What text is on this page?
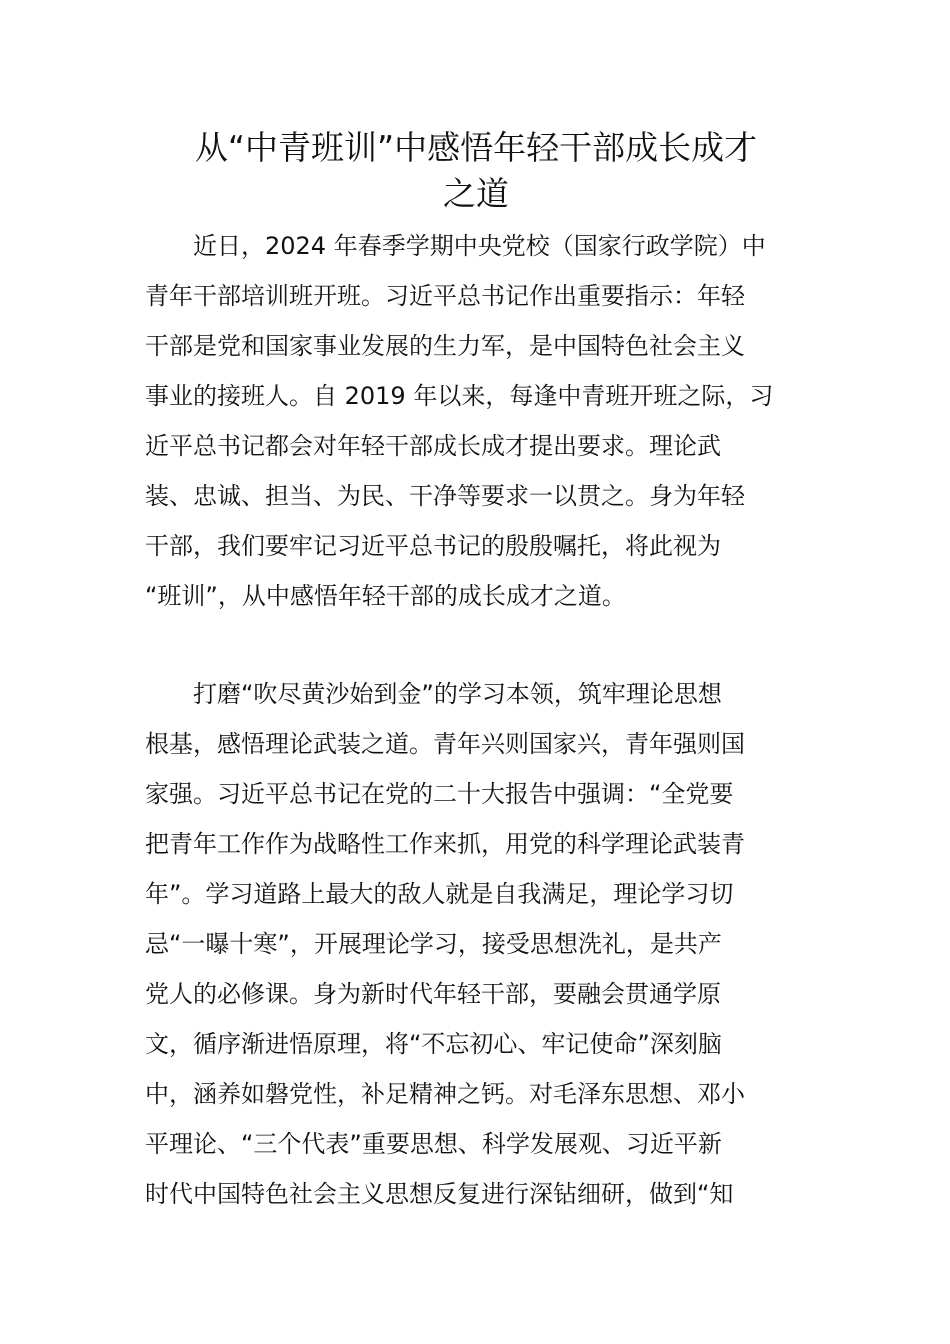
从“中青班训”中感悟年轻干部成长成才
之道

　　近日，2024 年春季学期中央党校（国家行政学院）中
青年干部培训班开班。习近平总书记作出重要指示：年轻
干部是党和国家事业发展的生力军，是中国特色社会主义
事业的接班人。自 2019 年以来，每逢中青班开班之际，习
近平总书记都会对年轻干部成长成才提出要求。理论武
装、忠诚、担当、为民、干净等要求一以贯之。身为年轻
干部，我们要牢记习近平总书记的殷殷嘱托，将此视为
“班训”，从中感悟年轻干部的成长成才之道。

　　打磨“吹尽黄沙始到金”的学习本领，筑牢理论思想
根基，感悟理论武装之道。青年兴则国家兴，青年强则国
家强。习近平总书记在党的二十大报告中强调：“全党要
把青年工作作为战略性工作来抓，用党的科学理论武装青
年”。学习道路上最大的敌人就是自我满足，理论学习切
忌“一曝十寒”，开展理论学习，接受思想洗礼，是共产
党人的必修课。身为新时代年轻干部，要融会贯通学原
文，循序渐进悟原理，将“不忘初心、牢记使命”深刻脑
中，涵养如磐党性，补足精神之钙。对毛泽东思想、邓小
平理论、“三个代表”重要思想、科学发展观、习近平新
时代中国特色社会主义思想反复进行深钻细研，做到“知
